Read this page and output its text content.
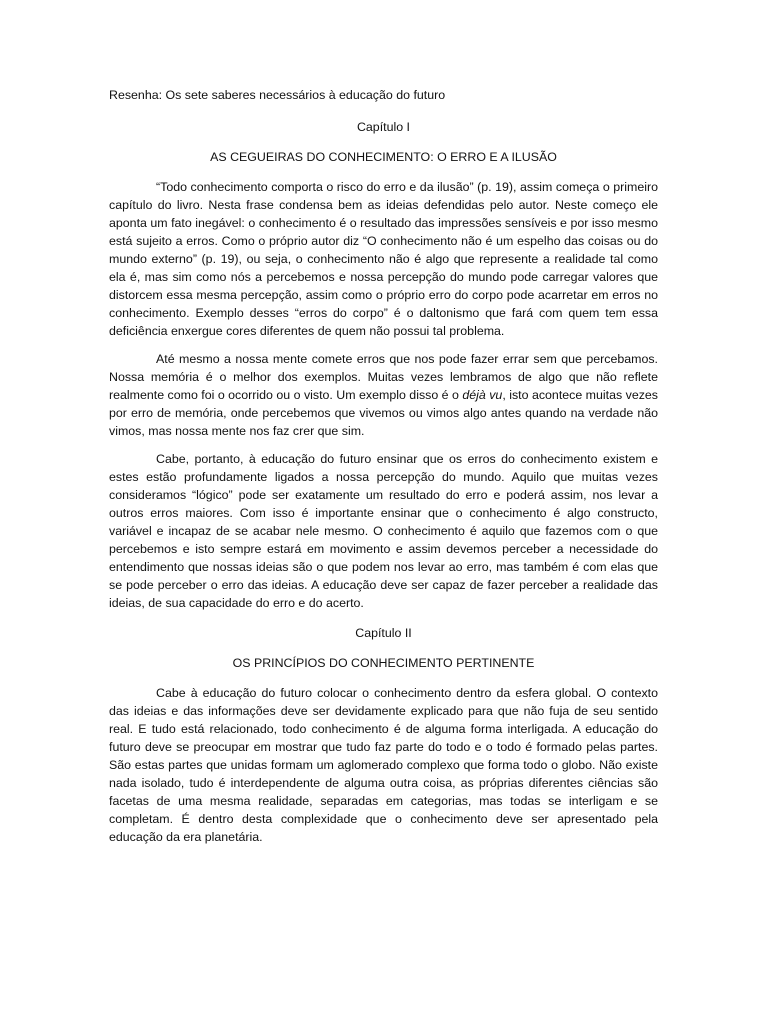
Resenha: Os sete saberes necessários à educação do futuro

Capítulo I

AS CEGUEIRAS DO CONHECIMENTO: O ERRO E A ILUSÃO

“Todo conhecimento comporta o risco do erro e da ilusão” (p. 19), assim começa o primeiro capítulo do livro. Nesta frase condensa bem as ideias defendidas pelo autor. Neste começo ele aponta um fato inegável: o conhecimento é o resultado das impressões sensíveis e por isso mesmo está sujeito a erros. Como o próprio autor diz “O conhecimento não é um espelho das coisas ou do mundo externo” (p. 19), ou seja, o conhecimento não é algo que represente a realidade tal como ela é, mas sim como nós a percebemos e nossa percepção do mundo pode carregar valores que distorcem essa mesma percepção, assim como o próprio erro do corpo pode acarretar em erros no conhecimento. Exemplo desses “erros do corpo” é o daltonismo que fará com quem tem essa deficiência enxergue cores diferentes de quem não possui tal problema.

Até mesmo a nossa mente comete erros que nos pode fazer errar sem que percebamos. Nossa memória é o melhor dos exemplos. Muitas vezes lembramos de algo que não reflete realmente como foi o ocorrido ou o visto. Um exemplo disso é o déjà vu, isto acontece muitas vezes por erro de memória, onde percebemos que vivemos ou vimos algo antes quando na verdade não vimos, mas nossa mente nos faz crer que sim.

Cabe, portanto, à educação do futuro ensinar que os erros do conhecimento existem e estes estão profundamente ligados a nossa percepção do mundo. Aquilo que muitas vezes consideramos “lógico” pode ser exatamente um resultado do erro e poderá assim, nos levar a outros erros maiores. Com isso é importante ensinar que o conhecimento é algo constructo, variável e incapaz de se acabar nele mesmo. O conhecimento é aquilo que fazemos com o que percebemos e isto sempre estará em movimento e assim devemos perceber a necessidade do entendimento que nossas ideias são o que podem nos levar ao erro, mas também é com elas que se pode perceber o erro das ideias. A educação deve ser capaz de fazer perceber a realidade das ideias, de sua capacidade do erro e do acerto.

Capítulo II

OS PRINCÍPIOS DO CONHECIMENTO PERTINENTE

Cabe à educação do futuro colocar o conhecimento dentro da esfera global. O contexto das ideias e das informações deve ser devidamente explicado para que não fuja de seu sentido real. E tudo está relacionado, todo conhecimento é de alguma forma interligada. A educação do futuro deve se preocupar em mostrar que tudo faz parte do todo e o todo é formado pelas partes. São estas partes que unidas formam um aglomerado complexo que forma todo o globo. Não existe nada isolado, tudo é interdependente de alguma outra coisa, as próprias diferentes ciências são facetas de uma mesma realidade, separadas em categorias, mas todas se interligam e se completam. É dentro desta complexidade que o conhecimento deve ser apresentado pela educação da era planetária.
